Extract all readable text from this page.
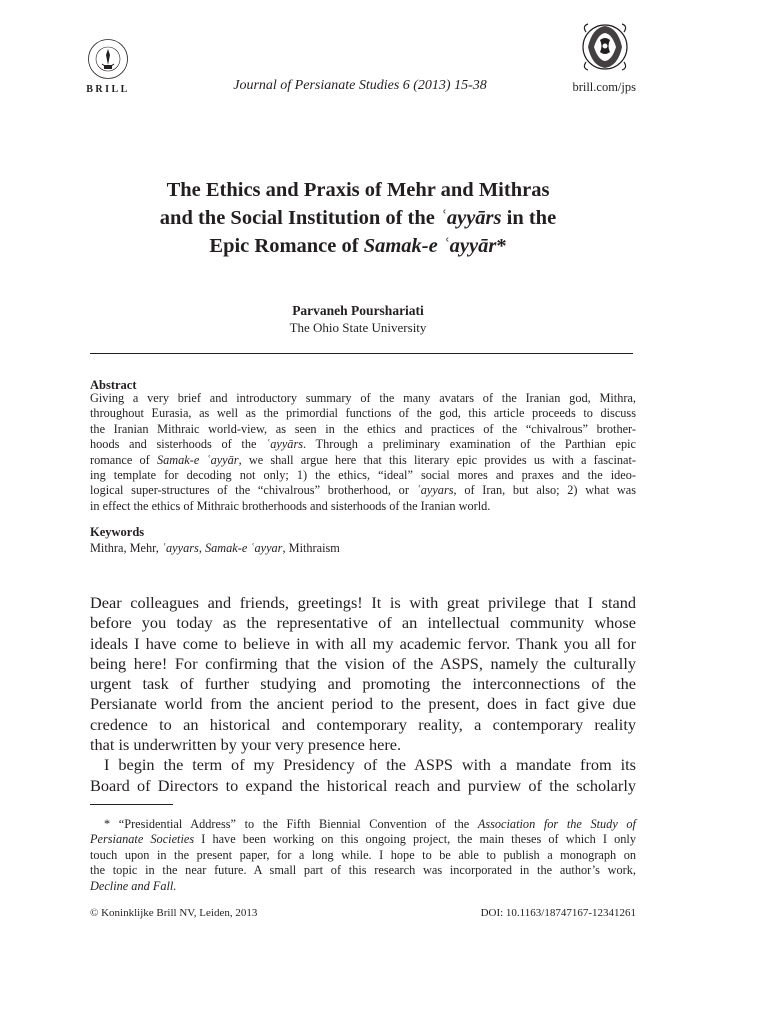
BRILL	Journal of Persianate Studies 6 (2013) 15-38	brill.com/jps
The Ethics and Praxis of Mehr and Mithras
and the Social Institution of the ʿayyārs in the
Epic Romance of Samak-e ʿayyār*
Parvaneh Pourshariati
The Ohio State University
Abstract
Giving a very brief and introductory summary of the many avatars of the Iranian god, Mithra,
throughout Eurasia, as well as the primordial functions of the god, this article proceeds to discuss
the Iranian Mithraic world-view, as seen in the ethics and practices of the “chivalrous” brother-
hoods and sisterhoods of the ʿayyārs. Through a preliminary examination of the Parthian epic
romance of Samak-e ʿayyār, we shall argue here that this literary epic provides us with a fascinat-
ing template for decoding not only; 1) the ethics, “ideal” social mores and praxes and the ideo-
logical super-structures of the “chivalrous” brotherhood, or ʿayyars, of Iran, but also; 2) what was
in effect the ethics of Mithraic brotherhoods and sisterhoods of the Iranian world.
Keywords
Mithra, Mehr, ʿayyars, Samak-e ʿayyar, Mithraism
Dear colleagues and friends, greetings! It is with great privilege that I stand
before you today as the representative of an intellectual community whose
ideals I have come to believe in with all my academic fervor. Thank you all for
being here! For confirming that the vision of the ASPS, namely the culturally
urgent task of further studying and promoting the interconnections of the
Persianate world from the ancient period to the present, does in fact give due
credence to an historical and contemporary reality, a contemporary reality
that is underwritten by your very presence here.
I begin the term of my Presidency of the ASPS with a mandate from its
Board of Directors to expand the historical reach and purview of the scholarly
* “Presidential Address” to the Fifth Biennial Convention of the Association for the Study of
Persianate Societies I have been working on this ongoing project, the main theses of which I only
touch upon in the present paper, for a long while. I hope to be able to publish a monograph on
the topic in the near future. A small part of this research was incorporated in the author’s work,
Decline and Fall.
© Koninklijke Brill NV, Leiden, 2013	DOI: 10.1163/18747167-12341261
